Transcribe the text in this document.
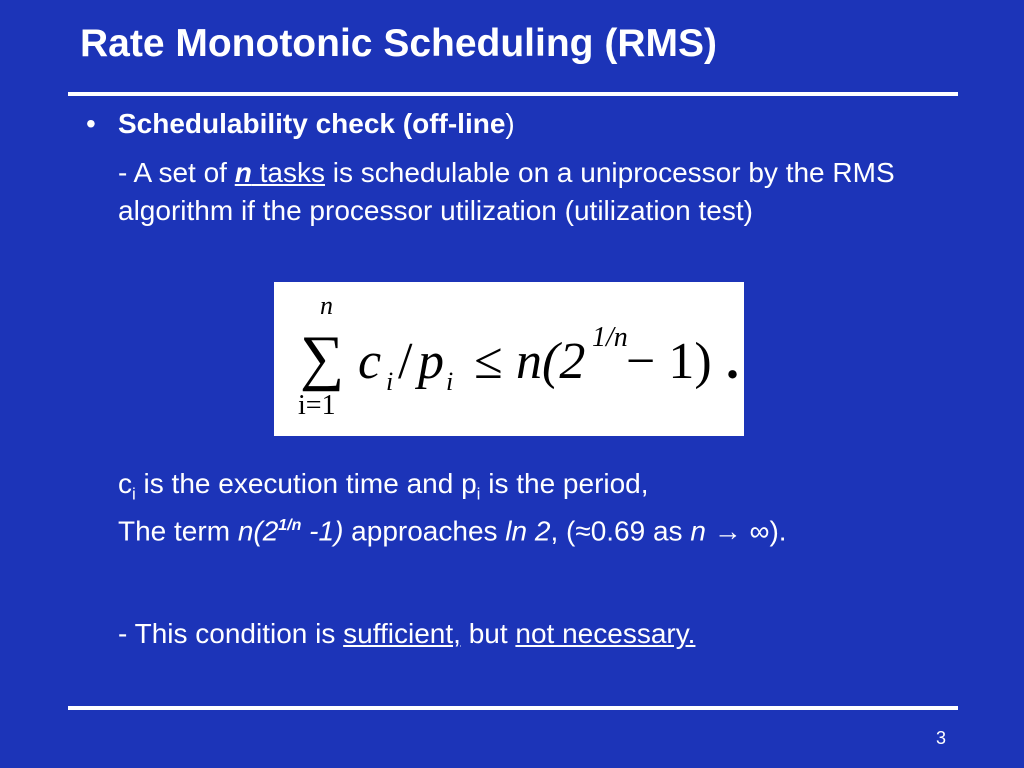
Rate Monotonic Scheduling (RMS)
• Schedulability check (off-line)
- A set of n tasks is schedulable on a uniprocessor by the RMS algorithm if the processor utilization (utilization test)
n
∑
i=1
c i / p i ≤ n(2 1/n
− 1) .
$c_i$ is the execution time and $p_i$ is the period,
The term $n(2^{1/n}$ -1) approaches ln 2, (≈0.69 as n → ∞).
- This condition is sufficient, but not necessary.
3
